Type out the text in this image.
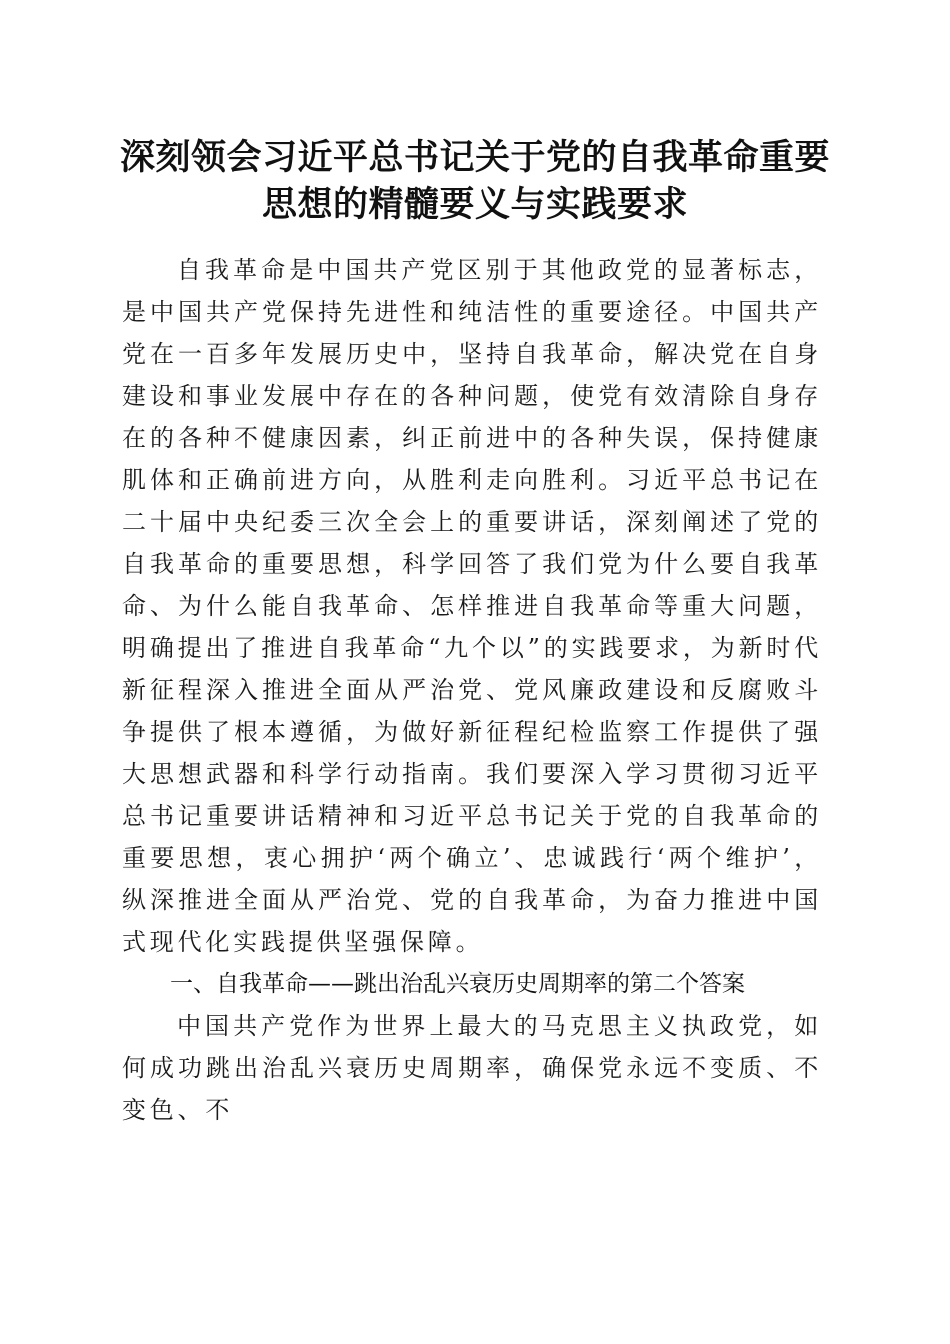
深刻领会习近平总书记关于党的自我革命重要
思想的精髓要义与实践要求

自我革命是中国共产党区别于其他政党的显著标志，是中国共产党保持先进性和纯洁性的重要途径。中国共产党在一百多年发展历史中，坚持自我革命，解决党在自身建设和事业发展中存在的各种问题，使党有效清除自身存在的各种不健康因素，纠正前进中的各种失误，保持健康肌体和正确前进方向，从胜利走向胜利。习近平总书记在二十届中央纪委三次全会上的重要讲话，深刻阐述了党的自我革命的重要思想，科学回答了我们党为什么要自我革命、为什么能自我革命、怎样推进自我革命等重大问题，明确提出了推进自我革命“九个以”的实践要求，为新时代新征程深入推进全面从严治党、党风廉政建设和反腐败斗争提供了根本遵循，为做好新征程纪检监察工作提供了强大思想武器和科学行动指南。我们要深入学习贯彻习近平总书记重要讲话精神和习近平总书记关于党的自我革命的重要思想，衷心拥护‘两个确立’、忠诚践行‘两个维护’，纵深推进全面从严治党、党的自我革命，为奋力推进中国式现代化实践提供坚强保障。

一、自我革命——跳出治乱兴衰历史周期率的第二个答案

中国共产党作为世界上最大的马克思主义执政党，如何成功跳出治乱兴衰历史周期率，确保党永远不变质、不变色、不
